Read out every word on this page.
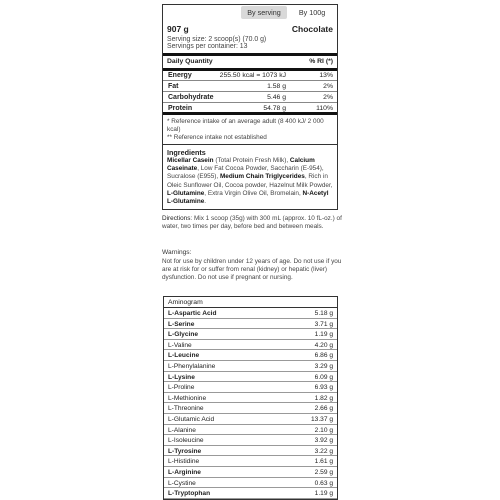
By serving	By 100g
907 g	Chocolate
Serving size: 2 scoop(s) (70.0 g)
Servings per container: 13
Daily Quantity	% RI (*)
Energy	255.50 kcal = 1073 kJ	13%
Fat	1.58 g	2%
Carbohydrate	5.46 g	2%
Protein	54.78 g	110%
* Reference intake of an average adult (8 400 kJ/ 2 000 kcal)
** Reference intake not established
Ingredients
Micellar Casein (Total Protein Fresh Milk), Calcium Caseinate, Low Fat Cocoa Powder, Saccharin (E-954), Sucralose (E955), Medium Chain Triglycerides, Rich in Oleic Sunflower Oil, Cocoa powder, Hazelnut Milk Powder, L-Glutamine, Extra Virgin Olive Oil, Bromelain, N-Acetyl L-Glutamine.
Directions: Mix 1 scoop (35g) with 300 mL (approx. 10 fL-oz.) of water, two times per day, before bed and between meals.
Warnings:
Not for use by children under 12 years of age. Do not use if you are at risk for or suffer from renal (kidney) or hepatic (liver) dysfunction. Do not use if pregnant or nursing.
Aminogram
L-Aspartic Acid	5.18 g
L-Serine	3.71 g
L-Glycine	1.19 g
L-Valine	4.20 g
L-Leucine	6.86 g
L-Phenylalanine	3.29 g
L-Lysine	6.09 g
L-Proline	6.93 g
L-Methionine	1.82 g
L-Threonine	2.66 g
L-Glutamic Acid	13.37 g
L-Alanine	2.10 g
L-Isoleucine	3.92 g
L-Tyrosine	3.22 g
L-Histidine	1.61 g
L-Arginine	2.59 g
L-Cystine	0.63 g
L-Tryptophan	1.19 g
